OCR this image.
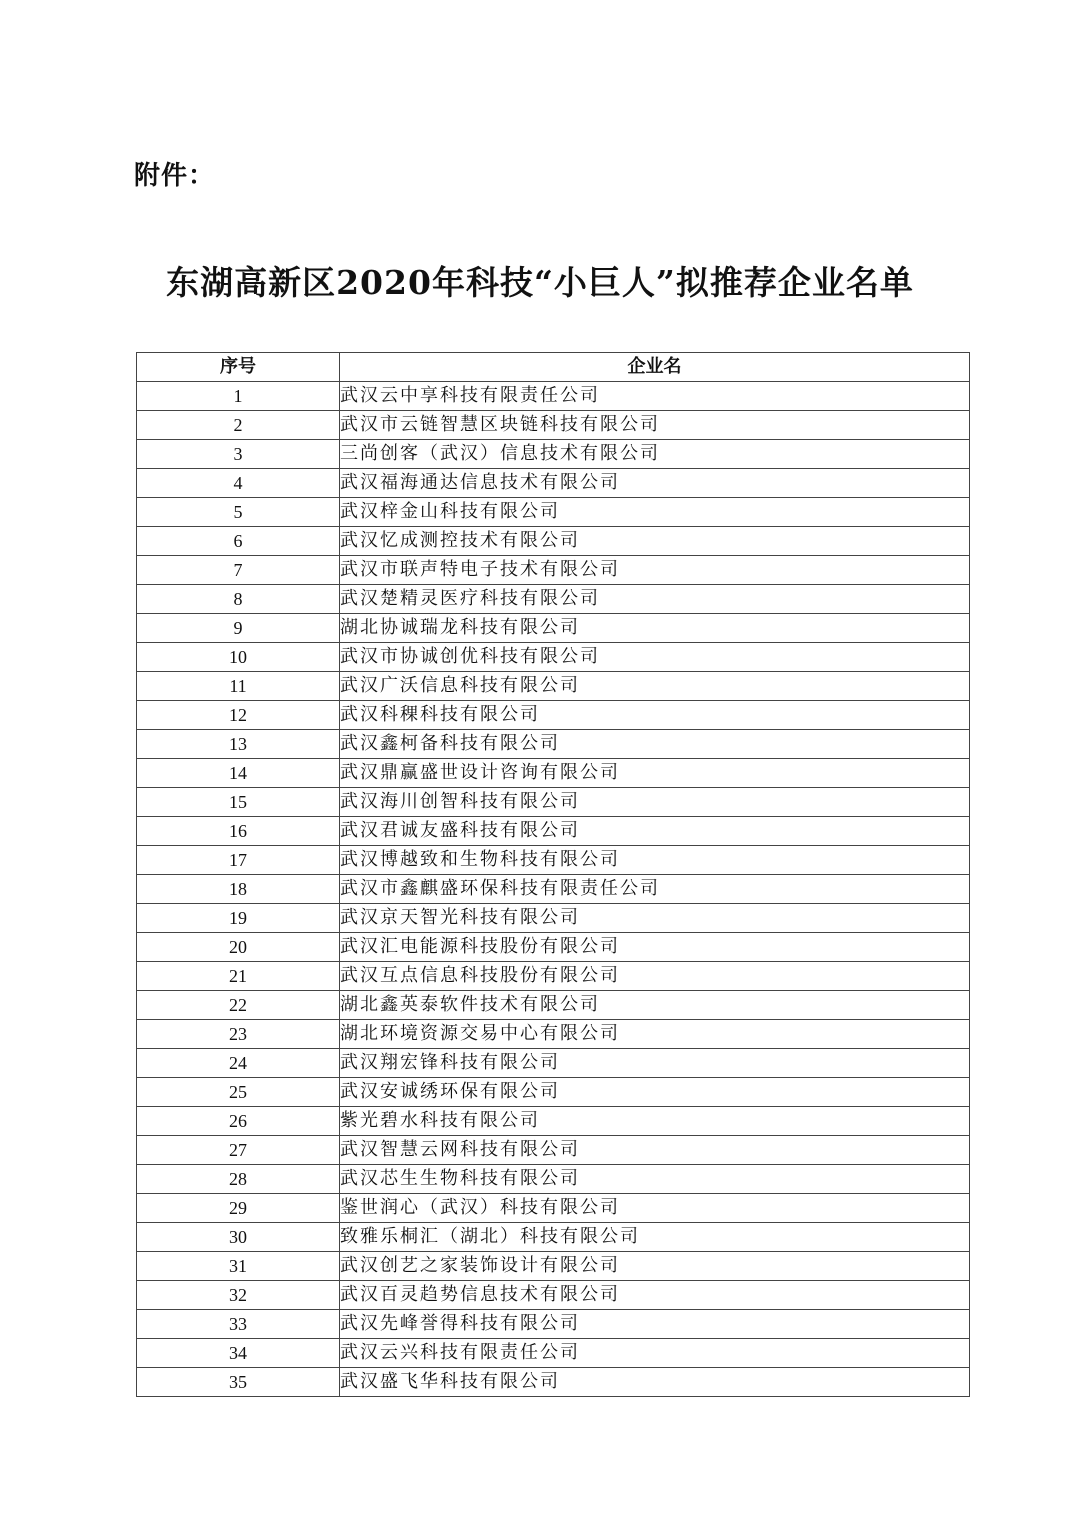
附件：

东湖高新区2020年科技“小巨人”拟推荐企业名单
序号	企业名
1	武汉云中享科技有限责任公司
2	武汉市云链智慧区块链科技有限公司
3	三尚创客（武汉）信息技术有限公司
4	武汉福海通达信息技术有限公司
5	武汉梓金山科技有限公司
6	武汉忆成测控技术有限公司
7	武汉市联声特电子技术有限公司
8	武汉楚精灵医疗科技有限公司
9	湖北协诚瑞龙科技有限公司
10	武汉市协诚创优科技有限公司
11	武汉广沃信息科技有限公司
12	武汉科稞科技有限公司
13	武汉鑫柯备科技有限公司
14	武汉鼎赢盛世设计咨询有限公司
15	武汉海川创智科技有限公司
16	武汉君诚友盛科技有限公司
17	武汉博越致和生物科技有限公司
18	武汉市鑫麒盛环保科技有限责任公司
19	武汉京天智光科技有限公司
20	武汉汇电能源科技股份有限公司
21	武汉互点信息科技股份有限公司
22	湖北鑫英泰软件技术有限公司
23	湖北环境资源交易中心有限公司
24	武汉翔宏锋科技有限公司
25	武汉安诚绣环保有限公司
26	紫光碧水科技有限公司
27	武汉智慧云网科技有限公司
28	武汉芯生生物科技有限公司
29	鉴世润心（武汉）科技有限公司
30	致雅乐桐汇（湖北）科技有限公司
31	武汉创艺之家装饰设计有限公司
32	武汉百灵趋势信息技术有限公司
33	武汉先峰誉得科技有限公司
34	武汉云兴科技有限责任公司
35	武汉盛飞华科技有限公司
